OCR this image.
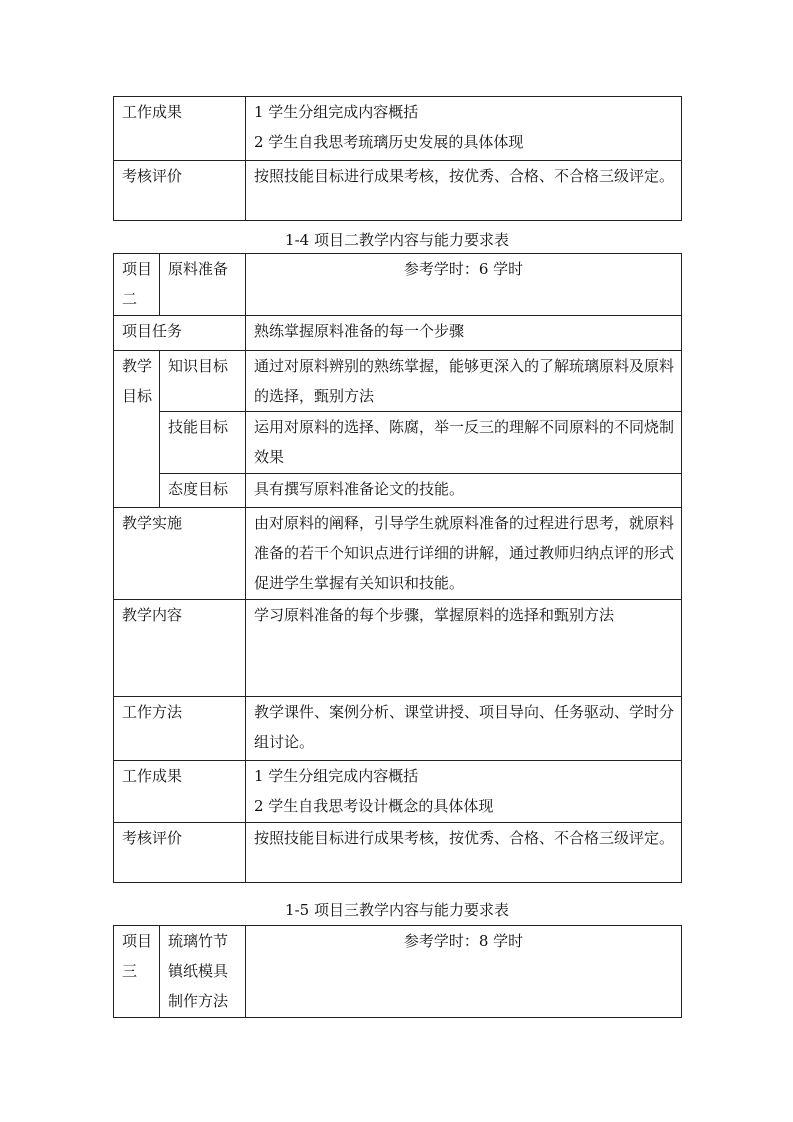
工作成果	1 学生分组完成内容概括
2 学生自我思考琉璃历史发展的具体体现

考核评价	按照技能目标进行成果考核，按优秀、合格、不合格三级评定。
1-4 项目二教学内容与能力要求表
项目二	原料准备	参考学时：6 学时
项目任务		熟练掌握原料准备的每一个步骤
教学目标	知识目标	通过对原料辨别的熟练掌握，能够更深入的了解琉璃原料及原料的选择，甄别方法
	技能目标	运用对原料的选择、陈腐，举一反三的理解不同原料的不同烧制效果
	态度目标	具有撰写原料准备论文的技能。
教学实施		由对原料的阐释，引导学生就原料准备的过程进行思考，就原料准备的若干个知识点进行详细的讲解，通过教师归纳点评的形式促进学生掌握有关知识和技能。
教学内容		学习原料准备的每个步骤，掌握原料的选择和甄别方法
工作方法		教学课件、案例分析、课堂讲授、项目导向、任务驱动、学时分组讨论。
工作成果		1 学生分组完成内容概括
2 学生自我思考设计概念的具体体现

考核评价		按照技能目标进行成果考核，按优秀、合格、不合格三级评定。
1-5 项目三教学内容与能力要求表
项目三	琉璃竹节镇纸模具制作方法	参考学时：8 学时
